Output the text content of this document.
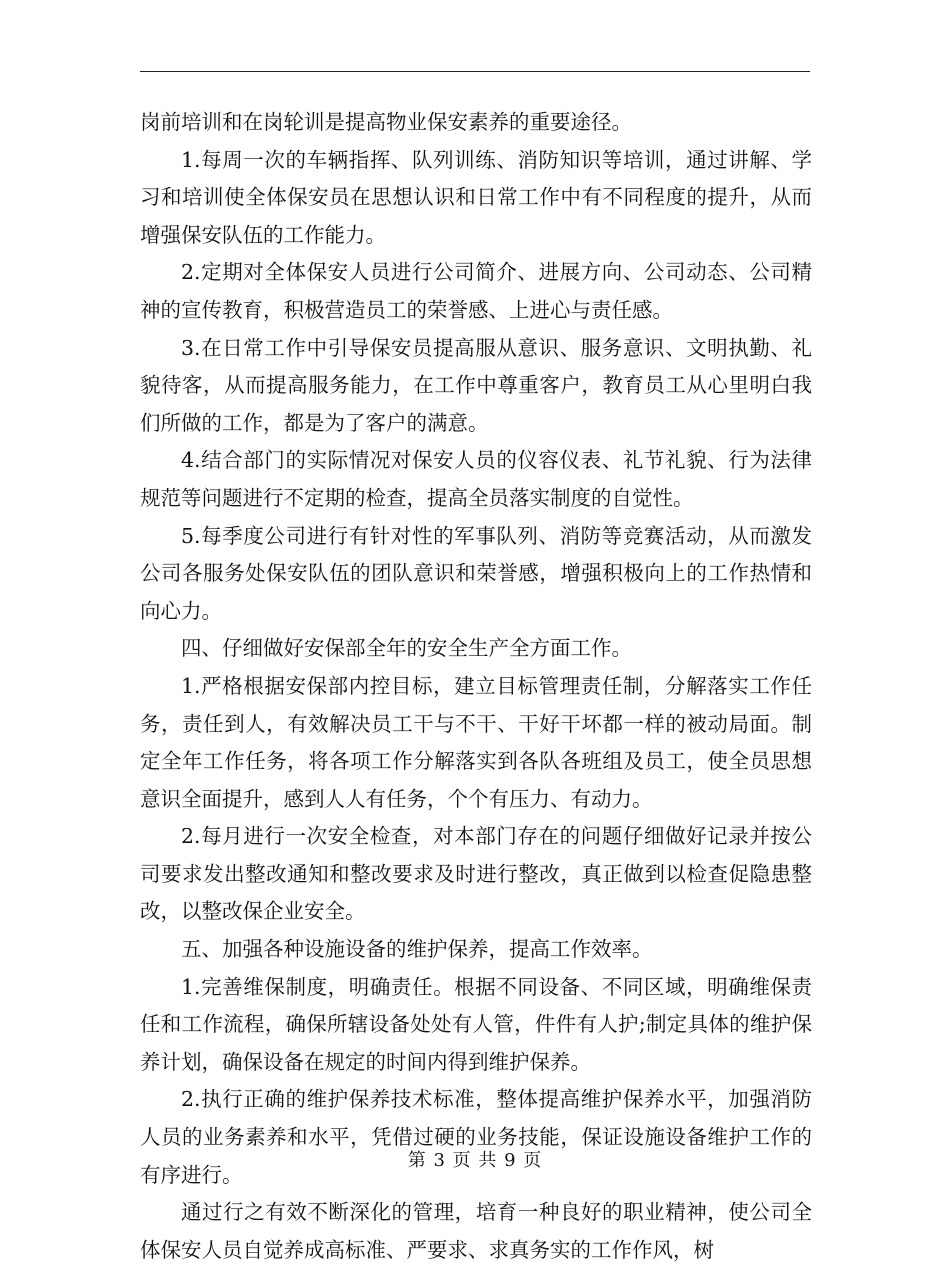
岗前培训和在岗轮训是提高物业保安素养的重要途径。

1.每周一次的车辆指挥、队列训练、消防知识等培训，通过讲解、学习和培训使全体保安员在思想认识和日常工作中有不同程度的提升，从而增强保安队伍的工作能力。

2.定期对全体保安人员进行公司简介、进展方向、公司动态、公司精神的宣传教育，积极营造员工的荣誉感、上进心与责任感。

3.在日常工作中引导保安员提高服从意识、服务意识、文明执勤、礼貌待客，从而提高服务能力，在工作中尊重客户，教育员工从心里明白我们所做的工作，都是为了客户的满意。

4.结合部门的实际情况对保安人员的仪容仪表、礼节礼貌、行为法律规范等问题进行不定期的检查，提高全员落实制度的自觉性。

5.每季度公司进行有针对性的军事队列、消防等竞赛活动，从而激发公司各服务处保安队伍的团队意识和荣誉感，增强积极向上的工作热情和向心力。

四、仔细做好安保部全年的安全生产全方面工作。

1.严格根据安保部内控目标，建立目标管理责任制，分解落实工作任务，责任到人，有效解决员工干与不干、干好干坏都一样的被动局面。制定全年工作任务，将各项工作分解落实到各队各班组及员工，使全员思想意识全面提升，感到人人有任务，个个有压力、有动力。

2.每月进行一次安全检查，对本部门存在的问题仔细做好记录并按公司要求发出整改通知和整改要求及时进行整改，真正做到以检查促隐患整改，以整改保企业安全。

五、加强各种设施设备的维护保养，提高工作效率。

1.完善维保制度，明确责任。根据不同设备、不同区域，明确维保责任和工作流程，确保所辖设备处处有人管，件件有人护;制定具体的维护保养计划，确保设备在规定的时间内得到维护保养。

2.执行正确的维护保养技术标准，整体提高维护保养水平，加强消防人员的业务素养和水平，凭借过硬的业务技能，保证设施设备维护工作的有序进行。

通过行之有效不断深化的管理，培育一种良好的职业精神，使公司全体保安人员自觉养成高标准、严要求、求真务实的工作作风，树

第 3 页 共 9 页
